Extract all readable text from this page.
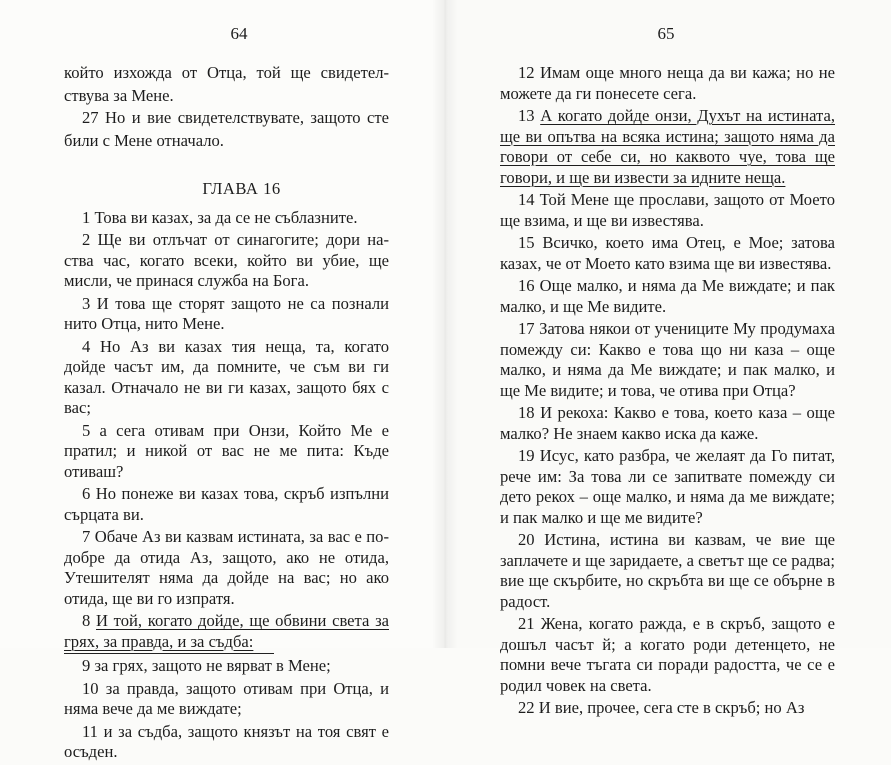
64	65
който изхожда от Отца, той ще свидетел-
ствува за Мене.
27 Но и вие свидетелствувате, защото сте
били с Мене отначало.
ГЛАВА 16
1 Това ви казах, за да се не съблазните.
2 Ще ви отлъчат от синагогите; дори на-ства час, когато всеки, който ви убие, ще мисли, че принася служба на Бога.
3 И това ще сторят защото не са познали нито Отца, нито Мене.
4 Но Аз ви казах тия неща, та, когато дойде часът им, да помните, че съм ви ги казал. Отначало не ви ги казах, защото бях с вас;
5 а сега отивам при Онзи, Който Ме е пратил; и никой от вас не ме пита: Къде отиваш?
6 Но понеже ви казах това, скръб изпълни сърцата ви.
7 Обаче Аз ви казвам истината, за вас е по-добре да отида Аз, защото, ако не отида, Утешителят няма да дойде на вас; но ако отида, ще ви го изпратя.
8 И той, когато дойде, ще обвини света за грях, за правда, и за съдба:
9 за грях, защото не вярват в Мене;
10 за правда, защото отивам при Отца, и няма вече да ме виждате;
11 и за съдба, защото князът на тоя свят е осъден.
12 Имам още много неща да ви кажа; но не можете да ги понесете сега.
13 А когато дойде онзи, Духът на истината, ще ви опътва на всяка истина; защото няма да говори от себе си, но каквото чуе, това ще говори, и ще ви извести за идните неща.
14 Той Мене ще прослави, защото от Моето ще взима, и ще ви известява.
15 Всичко, което има Отец, е Мое; затова казах, че от Моето като взима ще ви известява.
16 Още малко, и няма да Ме виждате; и пак малко, и ще Ме видите.
17 Затова някои от учениците Му продумаха помежду си: Какво е това що ни каза – още малко, и няма да Ме виждате; и пак малко, и ще Ме видите; и това, че отива при Отца?
18 И рекоха: Какво е това, което каза – още малко? Не знаем какво иска да каже.
19 Исус, като разбра, че желаят да Го питат, рече им: За това ли се запитвате помежду си дето рекох – още малко, и няма да ме виждате; и пак малко и ще ме видите?
20 Истина, истина ви казвам, че вие ще заплачете и ще заридаете, а светът ще се радва; вие ще скърбите, но скръбта ви ще се обърне в радост.
21 Жена, когато ражда, е в скръб, защото е дошъл часът й; а когато роди детенцето, не помни вече тъгата си поради радостта, че се е родил човек на света.
22 И вие, прочее, сега сте в скръб; но Аз
